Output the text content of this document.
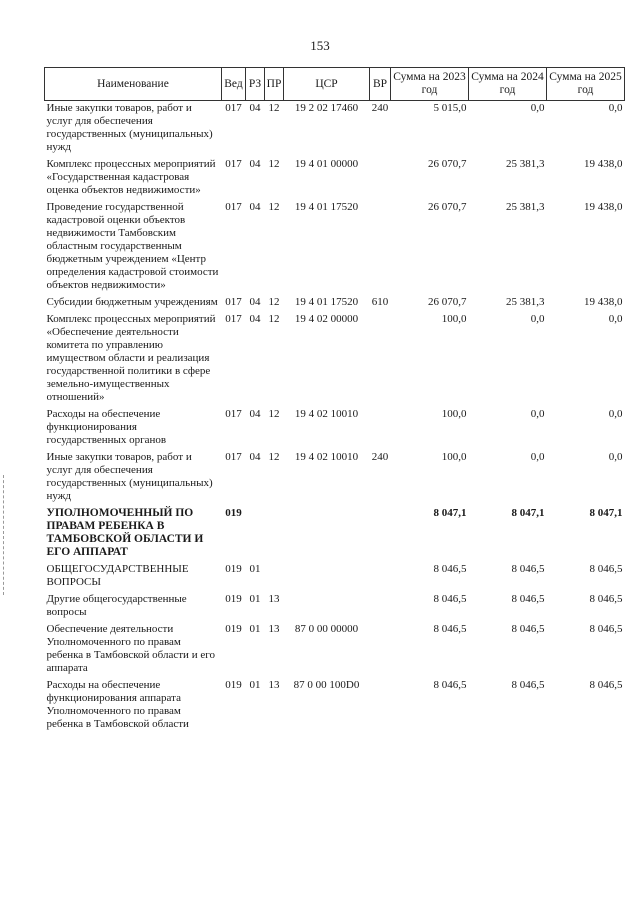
153
Наименование	Вед	РЗ	ПР	ЦСР	ВР	Сумма на 2023 год	Сумма на 2024 год	Сумма на 2025 год
Иные закупки товаров, работ и услуг для обеспечения государственных (муниципальных) нужд	017	04	12	19 2 02 17460	240	5 015,0	0,0	0,0
Комплекс процессных мероприятий «Государственная кадастровая оценка объектов недвижимости»	017	04	12	19 4 01 00000		26 070,7	25 381,3	19 438,0
Проведение государственной кадастровой оценки объектов недвижимости Тамбовским областным государственным бюджетным учреждением «Центр определения кадастровой стоимости объектов недвижимости»	017	04	12	19 4 01 17520		26 070,7	25 381,3	19 438,0
Субсидии бюджетным учреждениям	017	04	12	19 4 01 17520	610	26 070,7	25 381,3	19 438,0
Комплекс процессных мероприятий «Обеспечение деятельности комитета по управлению имуществом области и реализация государственной политики в сфере земельно-имущественных отношений»	017	04	12	19 4 02 00000		100,0	0,0	0,0
Расходы на обеспечение функционирования государственных органов	017	04	12	19 4 02 10010		100,0	0,0	0,0
Иные закупки товаров, работ и услуг для обеспечения государственных (муниципальных) нужд	017	04	12	19 4 02 10010	240	100,0	0,0	0,0
УПОЛНОМОЧЕННЫЙ ПО ПРАВАМ РЕБЕНКА В ТАМБОВСКОЙ ОБЛАСТИ И ЕГО АППАРАТ	019					8 047,1	8 047,1	8 047,1
ОБЩЕГОСУДАРСТВЕННЫЕ ВОПРОСЫ	019	01				8 046,5	8 046,5	8 046,5
Другие общегосударственные вопросы	019	01	13			8 046,5	8 046,5	8 046,5
Обеспечение деятельности Уполномоченного по правам ребенка в Тамбовской области и его аппарата	019	01	13	87 0 00 00000		8 046,5	8 046,5	8 046,5
Расходы на обеспечение функционирования аппарата Уполномоченного по правам ребенка в Тамбовской области	019	01	13	87 0 00 100D0		8 046,5	8 046,5	8 046,5
